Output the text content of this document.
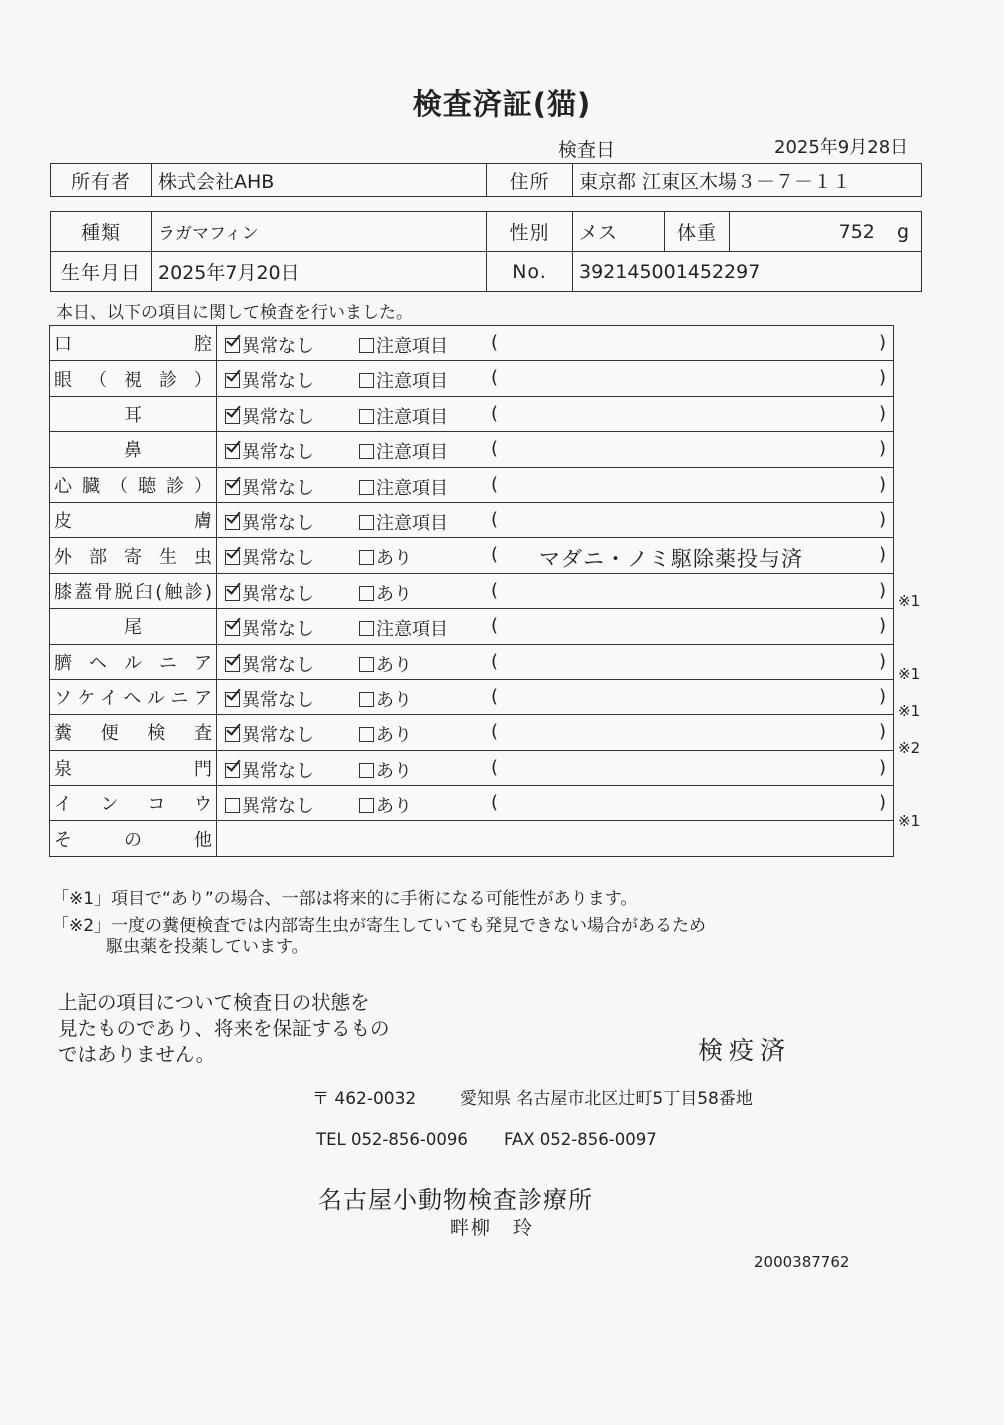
検査済証(猫)
検査日	2025年9月28日
所有者	株式会社AHB	住所	東京都 江東区木場３－７－１１
種類	ラガマフィン	性別	メス	体重	752 g
生年月日	2025年7月20日	No.	392145001452297		
本日、以下の項目に関して検査を行いました。
口　　腔	異常なし 注意項目 ( )

眼（視診）	異常なし 注意項目 ( )

耳	異常なし 注意項目 ( )

鼻	異常なし 注意項目 ( )

心臓（聴診）	異常なし 注意項目 ( )

皮　　膚	異常なし 注意項目 ( )

外部寄生虫	異常なし あり ( マダニ・ノミ駆除薬投与済 )

膝蓋骨脱臼(触診)	異常なし あり ( )

尾	異常なし 注意項目 ( )

臍ヘルニア	異常なし あり ( )

ソケイヘルニア	異常なし あり ( )

糞便検査	異常なし あり ( )

泉　　門	異常なし あり ( )

インコウ	異常なし あり ( )

そ　の　他	

※1
※1
※1
※2
※1
「※1」項目で“あり”の場合、一部は将来的に手術になる可能性があります。
「※2」一度の糞便検査では内部寄生虫が寄生していても発見できない場合があるため
駆虫薬を投薬しています。
上記の項目について検査日の状態を
見たものであり、将来を保証するもの
ではありません。	検疫済
〒 462-0032	愛知県 名古屋市北区辻町5丁目58番地
TEL 052-856-0096 FAX 052-856-0097
名古屋小動物検査診療所
畔柳　玲
2000387762
